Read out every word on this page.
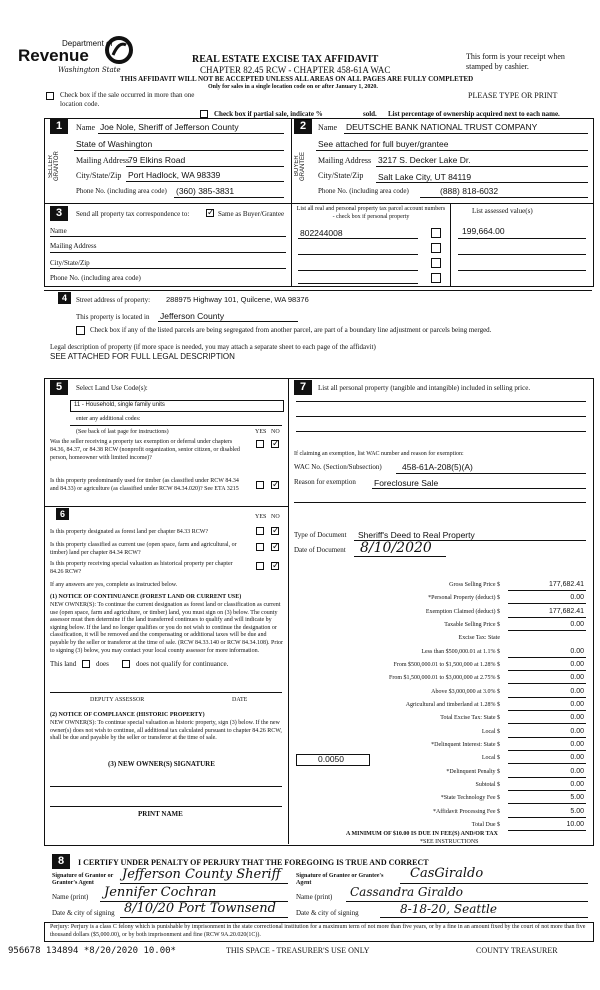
Department of
Revenue
Washington State
REAL ESTATE EXCISE TAX AFFIDAVIT
CHAPTER 82.45 RCW - CHAPTER 458-61A WAC
THIS AFFIDAVIT WILL NOT BE ACCEPTED UNLESS ALL AREAS ON ALL PAGES ARE FULLY COMPLETED
Only for sales in a single location code on or after January 1, 2020.
This form is your receipt when stamped by cashier.
PLEASE TYPE OR PRINT
Check box if the sale occurred in more than one location code.
Check box if partial sale, indicate %	sold. List percentage of ownership acquired next to each name.
1
SELLER GRANTOR
Name Joe Nole, Sheriff of Jefferson County
State of Washington
Mailing Address
79 Elkins Road
City/State/Zip Port Hadlock, WA 98339
Phone No. (including area code) (360) 385-3831
2
BUYER GRANTEE
Name DEUTSCHE BANK NATIONAL TRUST COMPANY
See attached for full buyer/grantee
Mailing Address 3217 S. Decker Lake Dr.
City/State/Zip Salt Lake City, UT 84119
Phone No. (including area code)	(888) 818-6032
3	Send all property tax correspondence to:
✓	Same as Buyer/Grantee
List all real and personal property tax parcel account numbers - check box if personal property
List assessed value(s)
Name
Mailing Address
City/State/Zip
Phone No. (including area code)
802244008	199,664.00
4	Street address of property: 288975 Highway 101, Quilcene, WA 98376
This property is located in Jefferson County
Check box if any of the listed parcels are being segregated from another parcel, are part of a boundary line adjustment or parcels being merged.
Legal description of property (if more space is needed, you may attach a separate sheet to each page of the affidavit)
SEE ATTACHED FOR FULL LEGAL DESCRIPTION
5	Select Land Use Code(s):
11 - Household, single family units
enter any additional codes:
(See back of last page for instructions)	YES NO
Was the seller receiving a property tax exemption or deferral under chapters 84.36, 84.37, or 84.38 RCW (nonprofit organization, senior citizen, or disabled person, homeowner with limited income)?
✓
Is this property predominantly used for timber (as classified under RCW 84.34 and 84.33) or agriculture (as classified under RCW 84.34.020)? See ETA 3215
✓
6	YES NO
Is this property designated as forest land per chapter 84.33 RCW?
✓
Is this property classified as current use (open space, farm and agricultural, or timber) land per chapter 84.34 RCW?
✓
Is this property receiving special valuation as historical property per chapter 84.26 RCW?
✓
If any answers are yes, complete as instructed below.
(1) NOTICE OF CONTINUANCE (FOREST LAND OR CURRENT USE)
NEW OWNER(S): To continue the current designation as forest land or classification as current use (open space, farm and agriculture, or timber) land, you must sign on (3) below. The county assessor must then determine if the land transferred continues to qualify and will indicate by signing below. If the land no longer qualifies or you do not wish to continue the designation or classification, it will be removed and the compensating or additional taxes will be due and payable by the seller or transferor at the time of sale. (RCW 84.33.140 or RCW 84.34.108). Prior to signing (3) below, you may contact your local county assessor for more information.
This land	does	does not qualify for continuance.
DEPUTY ASSESSOR	DATE
(2) NOTICE OF COMPLIANCE (HISTORIC PROPERTY)
NEW OWNER(S): To continue special valuation as historic property, sign (3) below. If the new owner(s) does not wish to continue, all additional tax calculated pursuant to chapter 84.26 RCW, shall be due and payable by the seller or transferor at the time of sale.
(3) NEW OWNER(S) SIGNATURE
PRINT NAME
7	List all personal property (tangible and intangible) included in selling price.
If claiming an exemption, list WAC number and reason for exemption:
WAC No. (Section/Subsection) 458-61A-208(5)(A)
Reason for exemption Foreclosure Sale
Type of Document Sheriff's Deed to Real Property
Date of Document 8/10/2020
Gross Selling Price $	177,682.41
*Personal Property (deduct) $	0.00
Exemption Claimed (deduct) $	177,682.41
Taxable Selling Price $	0.00
Excise Tax: State
Less than $500,000.01 at 1.1% $	0.00
From $500,000.01 to $1,500,000 at 1.28% $	0.00
From $1,500,000.01 to $3,000,000 at 2.75% $	0.00
Above $3,000,000 at 3.0% $	0.00
Agricultural and timberland at 1.28% $	0.00
Total Excise Tax: State $	0.00
Local $	0.00
*Delinquent Interest: State $	0.00
Local $	0.00
*Delinquent Penalty $	0.00
Subtotal $	0.00
*State Technology Fee $	5.00
*Affidavit Processing Fee $	5.00
Total Due $	10.00
0.0050
A MINIMUM OF $10.00 IS DUE IN FEE(S) AND/OR TAX
*SEE INSTRUCTIONS
8	I CERTIFY UNDER PENALTY OF PERJURY THAT THE FOREGOING IS TRUE AND CORRECT
Signature of Grantor or Grantor's Agent
Jefferson County Sheriff
Name (print) Jennifer Cochran
Date & city of signing 8/10/20 Port Townsend
Signature of Grantee or Grantee's Agent
CasGiraldo
Name (print) Cassandra Giraldo
Date & city of signing	8-18-20, Seattle
Perjury: Perjury is a class C felony which is punishable by imprisonment in the state correctional institution for a maximum term of not more than five years, or by a fine in an amount fixed by the court of not more than five thousand dollars ($5,000.00), or by both imprisonment and fine (RCW 9A.20.020(1C)).
956678 134894 *8/20/2020 10.00*	THIS SPACE - TREASURER'S USE ONLY	COUNTY TREASURER
